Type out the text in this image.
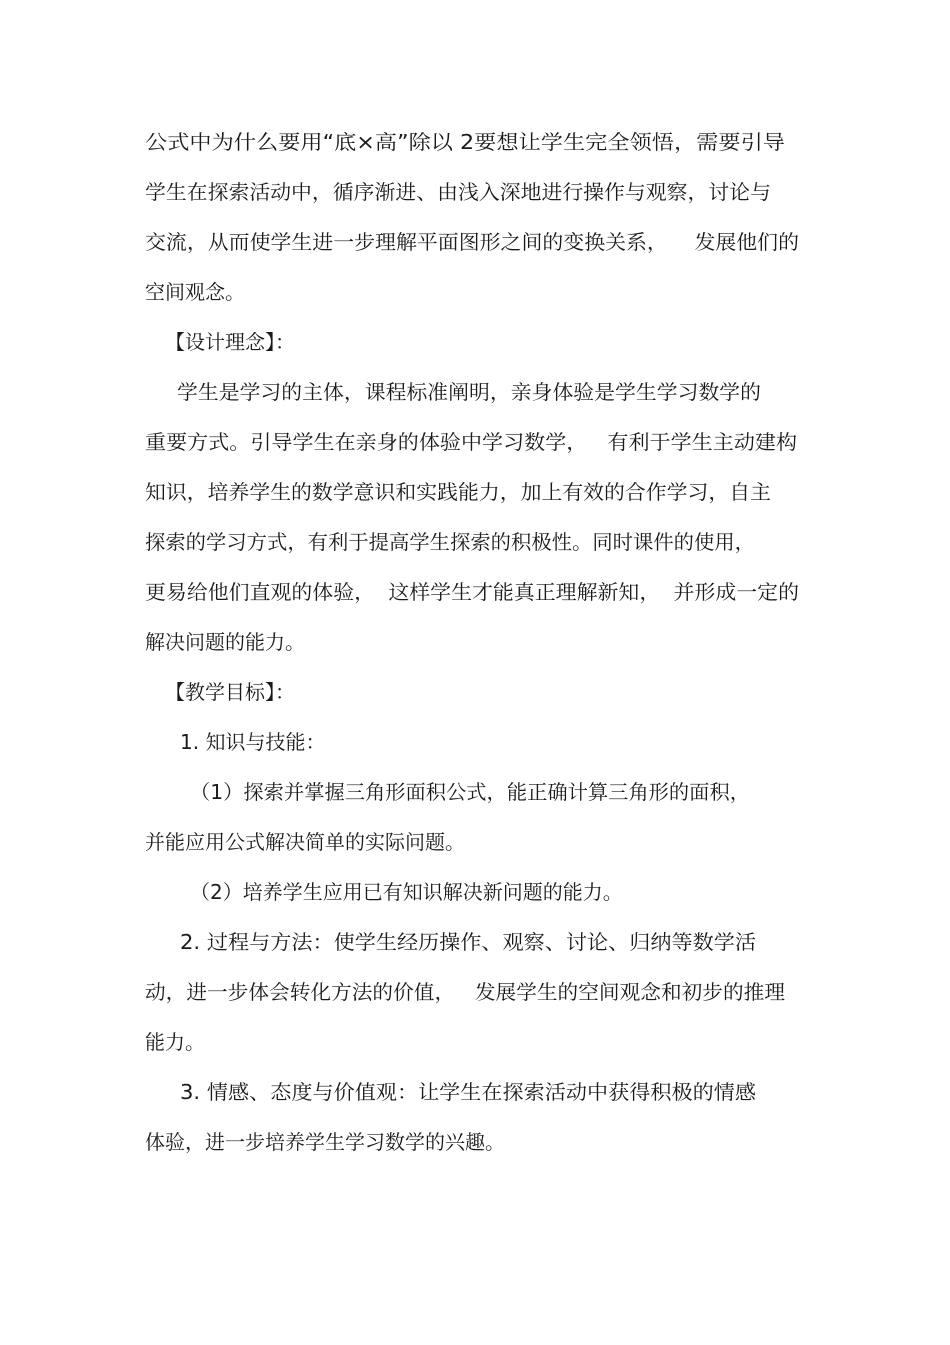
公式中为什么要用“底×高”除以 2要想让学生完全领悟，需要引导
学生在探索活动中，循序渐进、由浅入深地进行操作与观察，讨论与
交流，从而使学生进一步理解平面图形之间的变换关系，    发展他们的
空间观念。
【设计理念】：
学生是学习的主体，课程标准阐明，亲身体验是学生学习数学的
重要方式。引导学生在亲身的体验中学习数学，   有利于学生主动建构
知识，培养学生的数学意识和实践能力，加上有效的合作学习，自主
探索的学习方式，有利于提高学生探索的积极性。同时课件的使用，
更易给他们直观的体验，  这样学生才能真正理解新知，  并形成一定的
解决问题的能力。
【教学目标】：
1. 知识与技能：
（1）探索并掌握三角形面积公式，能正确计算三角形的面积，
并能应用公式解决简单的实际问题。
（2）培养学生应用已有知识解决新问题的能力。
2. 过程与方法：使学生经历操作、观察、讨论、归纳等数学活
动，进一步体会转化方法的价值，   发展学生的空间观念和初步的推理
能力。
3. 情感、态度与价值观：让学生在探索活动中获得积极的情感
体验，进一步培养学生学习数学的兴趣。
